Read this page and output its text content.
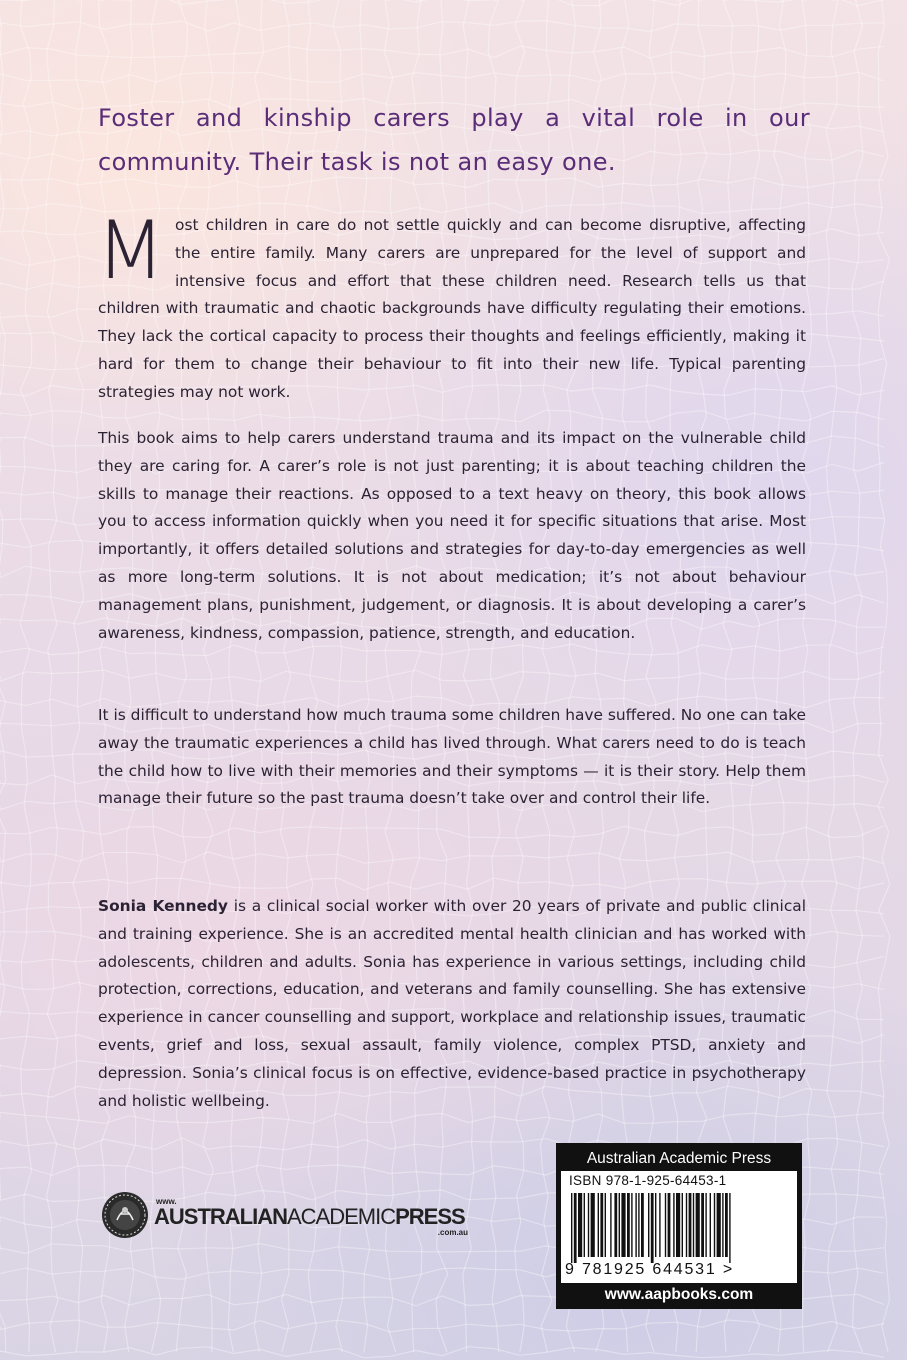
Foster and kinship carers play a vital role in our community. Their task is not an easy one.

Most children in care do not settle quickly and can become disruptive, affecting the entire family. Many carers are unprepared for the level of support and intensive focus and effort that these children need. Research tells us that children with traumatic and chaotic backgrounds have difficulty regulating their emotions. They lack the cortical capacity to process their thoughts and feelings efficiently, making it hard for them to change their behaviour to fit into their new life. Typical parenting strategies may not work.

This book aims to help carers understand trauma and its impact on the vulnerable child they are caring for. A carer’s role is not just parenting; it is about teaching children the skills to manage their reactions. As opposed to a text heavy on theory, this book allows you to access information quickly when you need it for specific situations that arise. Most importantly, it offers detailed solutions and strategies for day-to-day emergencies as well as more long-term solutions. It is not about medication; it’s not about behaviour management plans, punishment, judgement, or diagnosis. It is about developing a carer’s awareness, kindness, compassion, patience, strength, and education.

It is difficult to understand how much trauma some children have suffered. No one can take away the traumatic experiences a child has lived through. What carers need to do is teach the child how to live with their memories and their symptoms — it is their story. Help them manage their future so the past trauma doesn’t take over and control their life.

Sonia Kennedy is a clinical social worker with over 20 years of private and public clinical and training experience. She is an accredited mental health clinician and has worked with adolescents, children and adults. Sonia has experience in various settings, including child protection, corrections, education, and veterans and family counselling. She has extensive experience in cancer counselling and support, workplace and relationship issues, traumatic events, grief and loss, sexual assault, family violence, complex PTSD, anxiety and depression. Sonia’s clinical focus is on effective, evidence-based practice in psychotherapy and holistic wellbeing.

www.
AUSTRALIANACADEMICPRESS
.com.au
Australian Academic Press
ISBN 978-1-925-64453-1
9 781925 644531 >
www.aapbooks.com
